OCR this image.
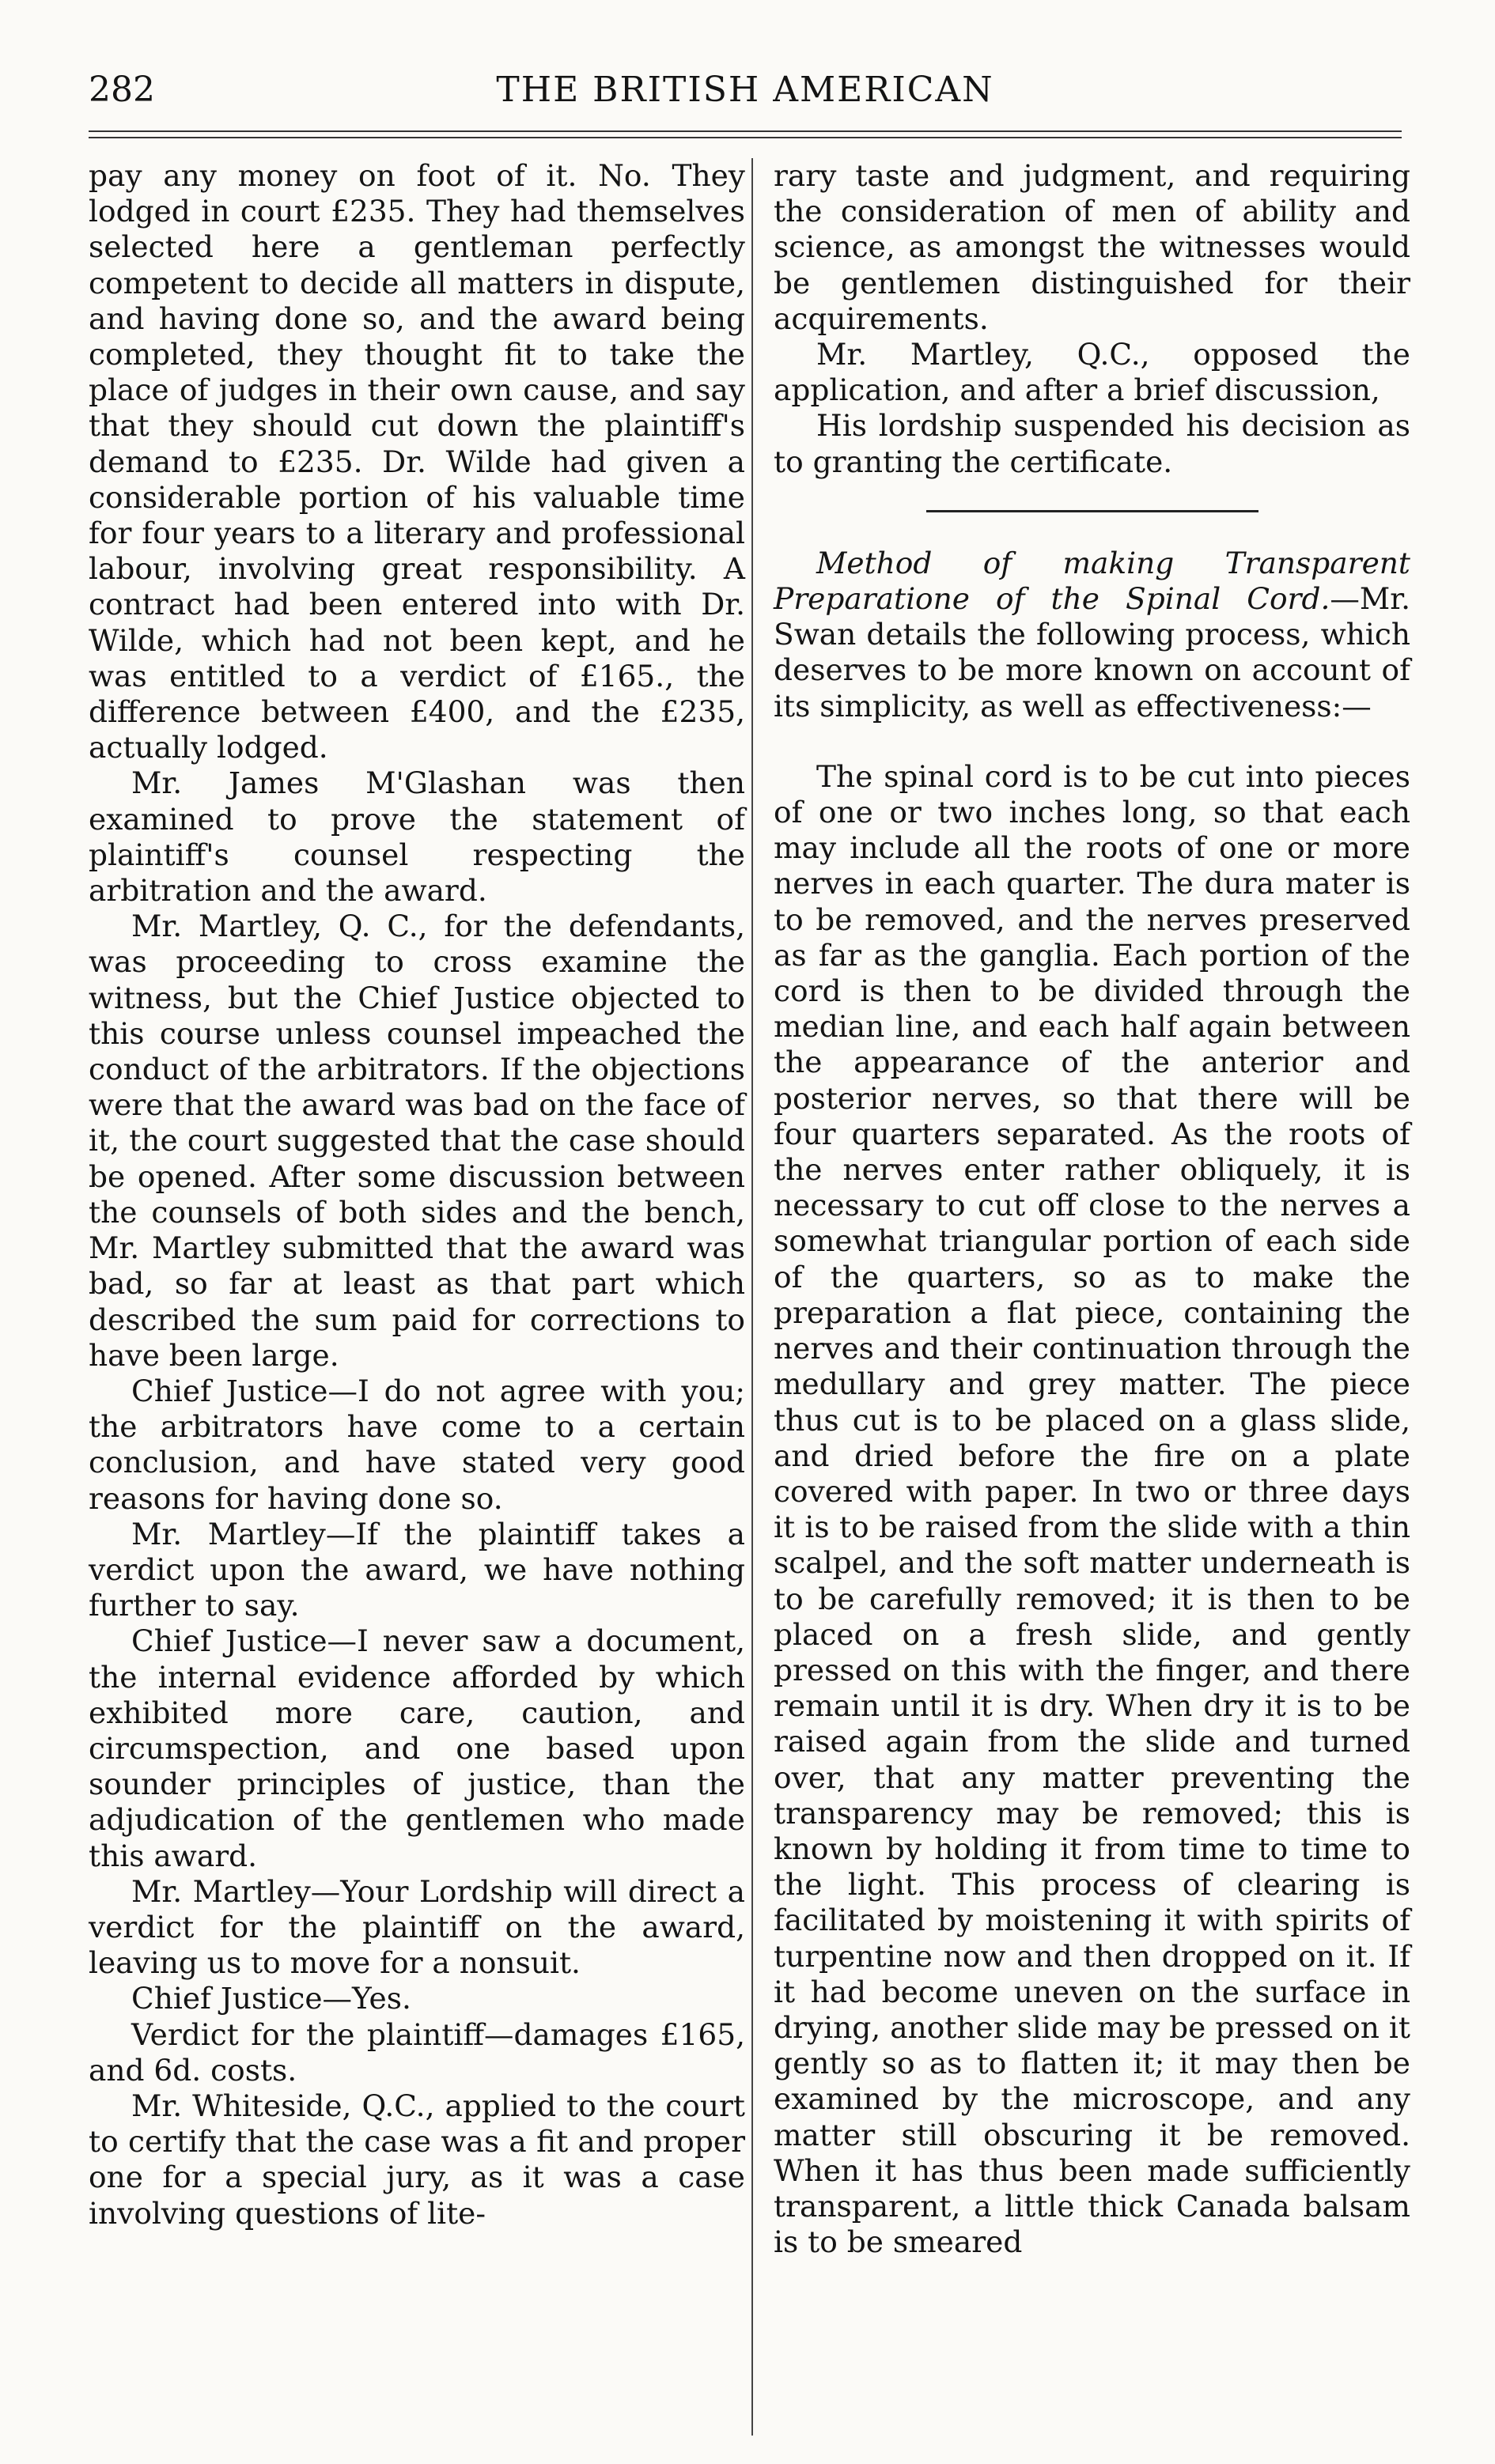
282	THE BRITISH AMERICAN

pay any money on foot of it. No. They lodged in court £235. They had themselves selected here a gentleman perfectly competent to decide all matters in dispute, and having done so, and the award being completed, they thought fit to take the place of judges in their own cause, and say that they should cut down the plaintiff's demand to £235. Dr. Wilde had given a considerable portion of his valuable time for four years to a literary and professional labour, involving great responsibility. A contract had been entered into with Dr. Wilde, which had not been kept, and he was entitled to a verdict of £165., the difference between £400, and the £235, actually lodged.

Mr. James M'Glashan was then examined to prove the statement of plaintiff's counsel respecting the arbitration and the award.

Mr. Martley, Q. C., for the defendants, was proceeding to cross examine the witness, but the Chief Justice objected to this course unless counsel impeached the conduct of the arbitrators. If the objections were that the award was bad on the face of it, the court suggested that the case should be opened. After some discussion between the counsels of both sides and the bench, Mr. Martley submitted that the award was bad, so far at least as that part which described the sum paid for corrections to have been large.

Chief Justice—I do not agree with you; the arbitrators have come to a certain conclusion, and have stated very good reasons for having done so.

Mr. Martley—If the plaintiff takes a verdict upon the award, we have nothing further to say.

Chief Justice—I never saw a document, the internal evidence afforded by which exhibited more care, caution, and circumspection, and one based upon sounder principles of justice, than the adjudication of the gentlemen who made this award.

Mr. Martley—Your Lordship will direct a verdict for the plaintiff on the award, leaving us to move for a nonsuit.

Chief Justice—Yes.

Verdict for the plaintiff—damages £165, and 6d. costs.

Mr. Whiteside, Q.C., applied to the court to certify that the case was a fit and proper one for a special jury, as it was a case involving questions of lite-

rary taste and judgment, and requiring the consideration of men of ability and science, as amongst the witnesses would be gentlemen distinguished for their acquirements.

Mr. Martley, Q.C., opposed the application, and after a brief discussion,

His lordship suspended his decision as to granting the certificate.

Method of making Transparent Preparatione of the Spinal Cord.—Mr. Swan details the following process, which deserves to be more known on account of its simplicity, as well as effectiveness:—

The spinal cord is to be cut into pieces of one or two inches long, so that each may include all the roots of one or more nerves in each quarter. The dura mater is to be removed, and the nerves preserved as far as the ganglia. Each portion of the cord is then to be divided through the median line, and each half again between the appearance of the anterior and posterior nerves, so that there will be four quarters separated. As the roots of the nerves enter rather obliquely, it is necessary to cut off close to the nerves a somewhat triangular portion of each side of the quarters, so as to make the preparation a flat piece, containing the nerves and their continuation through the medullary and grey matter. The piece thus cut is to be placed on a glass slide, and dried before the fire on a plate covered with paper. In two or three days it is to be raised from the slide with a thin scalpel, and the soft matter underneath is to be carefully removed; it is then to be placed on a fresh slide, and gently pressed on this with the finger, and there remain until it is dry. When dry it is to be raised again from the slide and turned over, that any matter preventing the transparency may be removed; this is known by holding it from time to time to the light. This process of clearing is facilitated by moistening it with spirits of turpentine now and then dropped on it. If it had become uneven on the surface in drying, another slide may be pressed on it gently so as to flatten it; it may then be examined by the microscope, and any matter still obscuring it be removed. When it has thus been made sufficiently transparent, a little thick Canada balsam is to be smeared
